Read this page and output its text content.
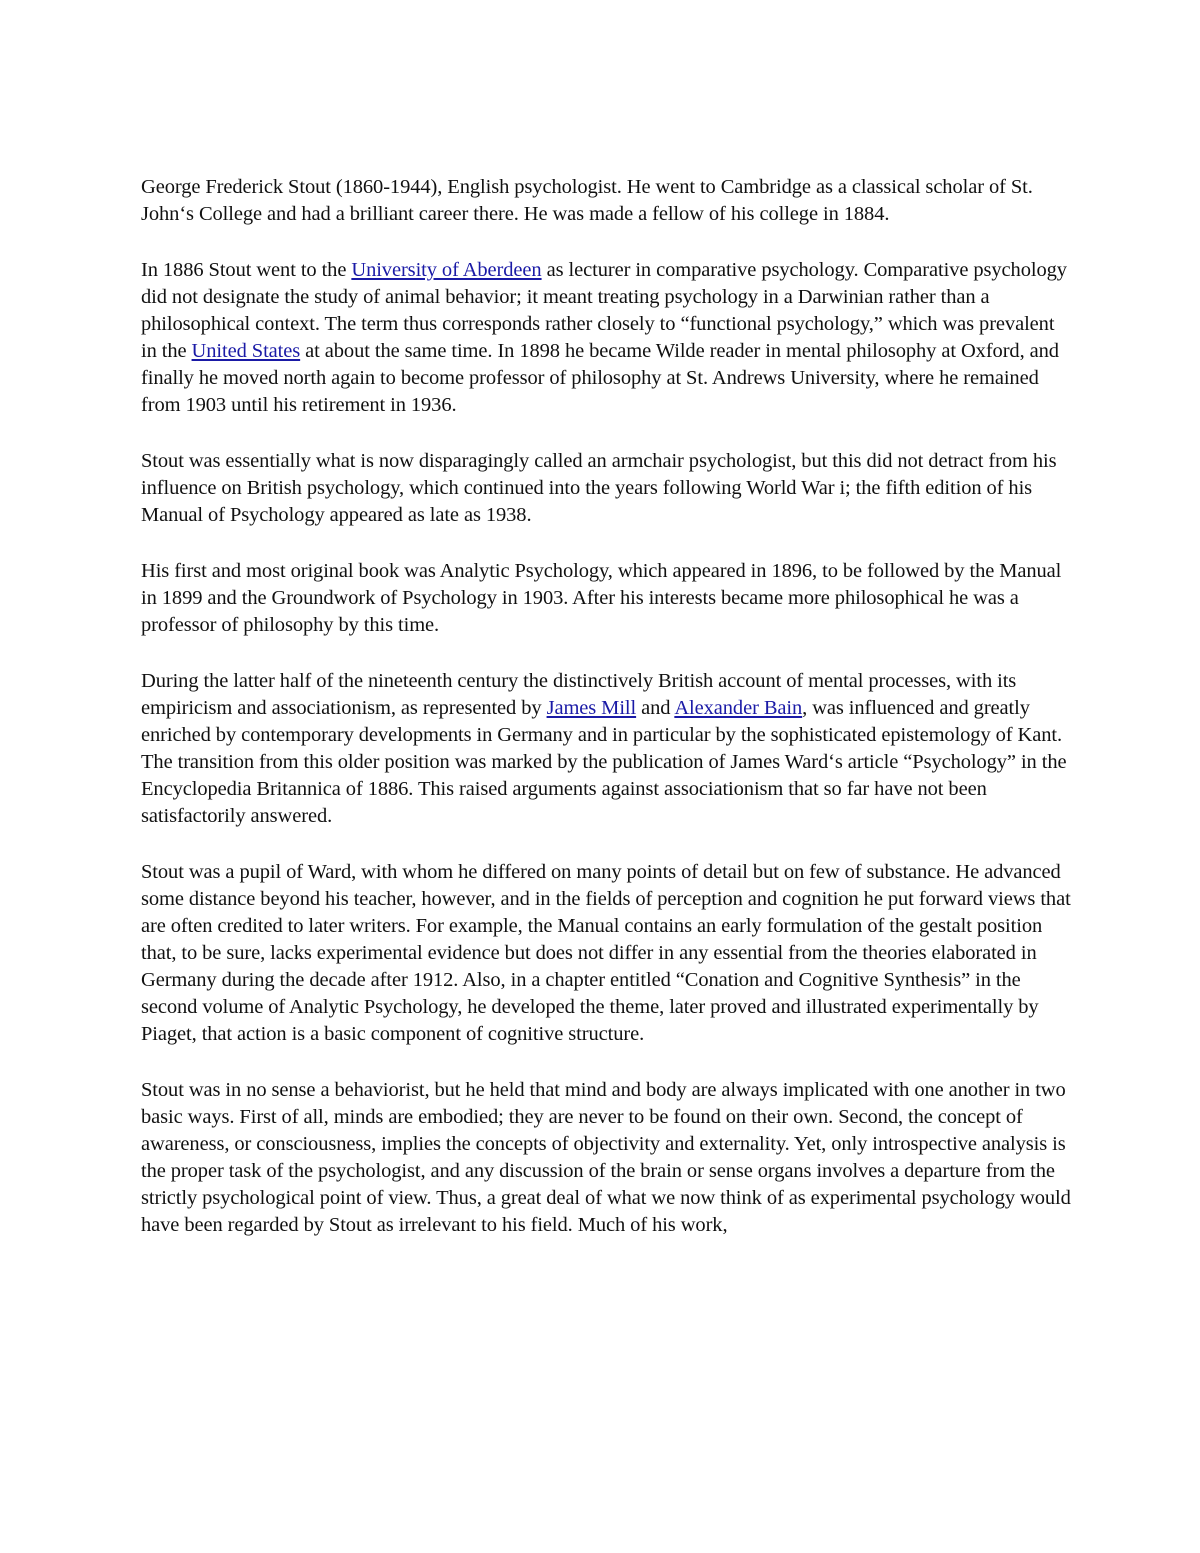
George Frederick Stout (1860-1944), English psychologist. He went to Cambridge as a classical scholar of St. John‘s College and had a brilliant career there. He was made a fellow of his college in 1884.

In 1886 Stout went to the University of Aberdeen as lecturer in comparative psychology. Comparative psychology did not designate the study of animal behavior; it meant treating psychology in a Darwinian rather than a philosophical context. The term thus corresponds rather closely to “functional psychology,” which was prevalent in the United States at about the same time. In 1898 he became Wilde reader in mental philosophy at Oxford, and finally he moved north again to become professor of philosophy at St. Andrews University, where he remained from 1903 until his retirement in 1936.

Stout was essentially what is now disparagingly called an armchair psychologist, but this did not detract from his influence on British psychology, which continued into the years following World War i; the fifth edition of his Manual of Psychology appeared as late as 1938.

His first and most original book was Analytic Psychology, which appeared in 1896, to be followed by the Manual in 1899 and the Groundwork of Psychology in 1903. After his interests became more philosophical he was a professor of philosophy by this time.

During the latter half of the nineteenth century the distinctively British account of mental processes, with its empiricism and associationism, as represented by James Mill and Alexander Bain, was influenced and greatly enriched by contemporary developments in Germany and in particular by the sophisticated epistemology of Kant. The transition from this older position was marked by the publication of James Ward‘s article “Psychology” in the Encyclopedia Britannica of 1886. This raised arguments against associationism that so far have not been satisfactorily answered.

Stout was a pupil of Ward, with whom he differed on many points of detail but on few of substance. He advanced some distance beyond his teacher, however, and in the fields of perception and cognition he put forward views that are often credited to later writers. For example, the Manual contains an early formulation of the gestalt position that, to be sure, lacks experimental evidence but does not differ in any essential from the theories elaborated in Germany during the decade after 1912. Also, in a chapter entitled “Conation and Cognitive Synthesis” in the second volume of Analytic Psychology, he developed the theme, later proved and illustrated experimentally by Piaget, that action is a basic component of cognitive structure.

Stout was in no sense a behaviorist, but he held that mind and body are always implicated with one another in two basic ways. First of all, minds are embodied; they are never to be found on their own. Second, the concept of awareness, or consciousness, implies the concepts of objectivity and externality. Yet, only introspective analysis is the proper task of the psychologist, and any discussion of the brain or sense organs involves a departure from the strictly psychological point of view. Thus, a great deal of what we now think of as experimental psychology would have been regarded by Stout as irrelevant to his field. Much of his work,
